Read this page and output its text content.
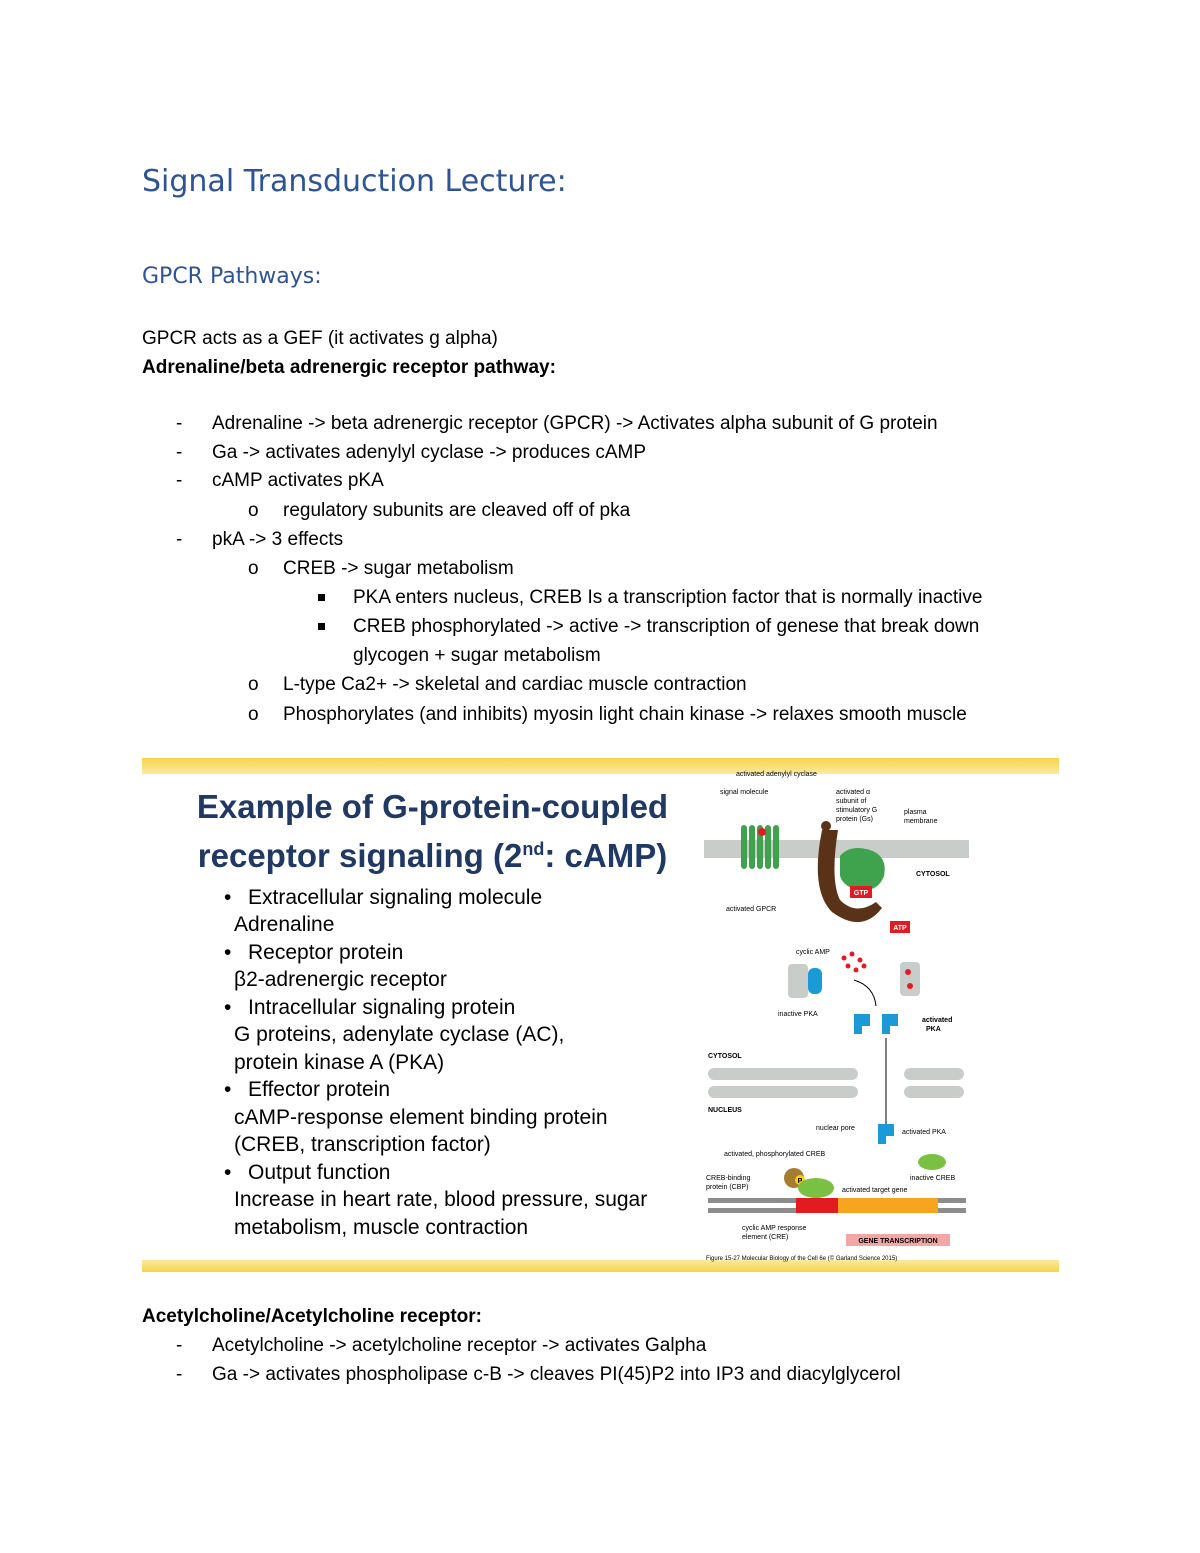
Signal Transduction Lecture:
GPCR Pathways:
GPCR acts as a GEF (it activates g alpha)
Adrenaline/beta adrenergic receptor pathway:
- Adrenaline -> beta adrenergic receptor (GPCR) -> Activates alpha subunit of G protein
- Ga -> activates adenylyl cyclase -> produces cAMP
- cAMP activates pKA
o regulatory subunits are cleaved off of pka
- pkA -> 3 effects
o CREB -> sugar metabolism
PKA enters nucleus, CREB Is a transcription factor that is normally inactive
CREB phosphorylated -> active -> transcription of genese that break down
glycogen + sugar metabolism
o L-type Ca2+ -> skeletal and cardiac muscle contraction
o Phosphorylates (and inhibits) myosin light chain kinase -> relaxes smooth muscle
Example of G-protein-coupled
receptor signaling (2nd: cAMP)
• Extracellular signaling molecule
Adrenaline
• Receptor protein
β2-adrenergic receptor
• Intracellular signaling protein
G proteins, adenylate cyclase (AC),
protein kinase A (PKA)
• Effector protein
cAMP-response element binding protein
(CREB, transcription factor)
• Output function
Increase in heart rate, blood pressure, sugar
metabolism, muscle contraction
GTP
ATP
activated adenylyl cyclase
signal molecule	activated α
subunit of
stimulatory G
protein (Gs)
plasma
membrane
CYTOSOL
activated GPCR
cyclic AMP
inactive PKA
activated
PKA
CYTOSOL
NUCLEUS
nuclear pore
activated PKA
activated, phosphorylated CREB
inactive CREB
CREB-binding
protein (CBP)
P
activated target gene
cyclic AMP response
element (CRE)
GENE TRANSCRIPTION
Figure 15-27 Molecular Biology of the Cell 6e (© Garland Science 2015)
Acetylcholine/Acetylcholine receptor:
- Acetylcholine -> acetylcholine receptor -> activates Galpha
- Ga -> activates phospholipase c-B -> cleaves PI(45)P2 into IP3 and diacylglycerol
